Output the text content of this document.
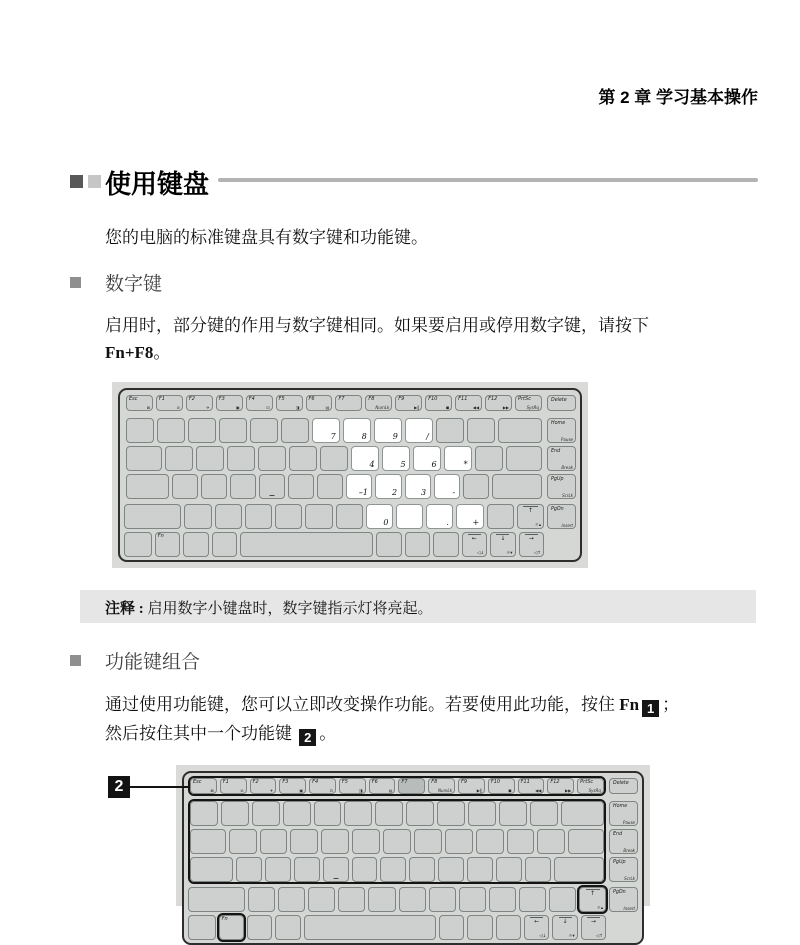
第 2 章 学习基本操作
使用键盘
您的电脑的标准键盘具有数字键和功能键。
数字键
启用时，部分键的作用与数字键相同。如果要启用或停用数字键，请按下
Fn+F8。
Esc
⊠
F1
⊘
F2
✈
F3
▣
F4
⊡
F5
◨
F6
▤
F7	F8
NumLk
F9
▶‖
F10
◼
F11
◀◀
F12
▶▶
PrtSc
SysRq
7	8	9	/
4	5	6	*
–1	2	3	-
0	.	+
↑
☼▴
Fn	←
◁↓
↓
☼▾
→
◁↑
Delete
Home
Pause
End
Break
PgUp
ScrLk
PgDn
Insert
注释 : 启用数字小键盘时，数字键指示灯将亮起。
功能键组合
通过使用功能键，您可以立即改变操作功能。若要使用此功能，按住 Fn 1 ；
然后按住其中一个功能键 2 。
Esc
⊠
F1
⊘
F2
✈
F3
▣
F4
⊡
F5
◨
F6
▤
F7	F8
NumLk
F9
▶‖
F10
◼
F11
◀◀
F12
▶▶
PrtSc
SysRq
↑
☼▴
Fn	←
◁↓
↓
☼▾
→
◁↑
Delete
Home
Pause
End
Break
PgUp
ScrLk
PgDn
Insert
2
